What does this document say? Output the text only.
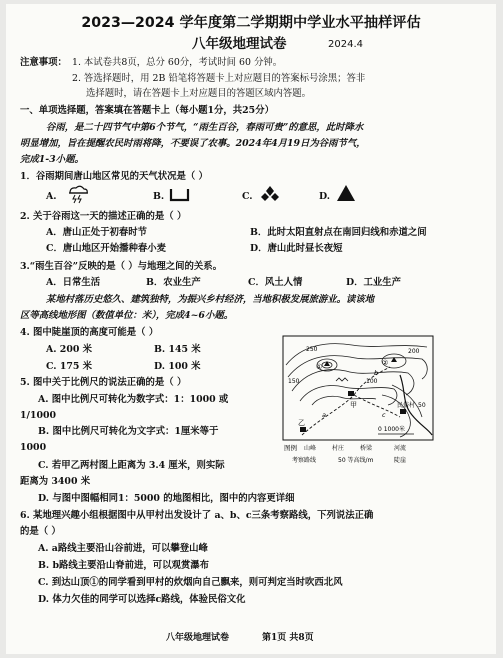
2023—2024 学年度第二学期期中学业水平抽样评估
八年级地理试卷	2024.4
注意事项： 1. 本试卷共8页，总分 60分，考试时间 60 分钟。
2. 答选择题时，用 2B 铅笔将答题卡上对应题目的答案标号涂黑；答非
选择题时，请在答题卡上对应题目的答题区域内答题。
一、单项选择题，答案填在答题卡上（每小题1分，共25分）
谷雨，是二十四节气中第6个节气，“雨生百谷，春雨可贵”的意思，此时降水
明显增加，旨在提醒农民时雨将降，不要误了农事。2024年4月19日为谷雨节气，
完成1-3小题。
1．谷雨期间唐山地区常见的天气状况是（ ）
A.	B.	C.	D.
2. 关于谷雨这一天的描述正确的是（ ）
A．唐山正处于初春时节	B．此时太阳直射点在南回归线和赤道之间
C．唐山地区开始播种春小麦	D．唐山此时昼长夜短
3.“雨生百谷”反映的是（ ）与地理之间的关系。
A．日常生活	B．农业生产	C．风土人情	D．工业生产
某地村落历史悠久、建筑独特，为振兴乡村经济，当地积极发展旅游业。读该地
区等高线地形图（数值单位：米），完成4~6小题。
4. 图中陡崖顶的高度可能是（ ）
A. 200 米	B. 145 米
C. 175 米	D. 100 米
5. 图中关于比例尺的说法正确的是（ ）
A. 图中比例尺可转化为数字式：1：1000 或
1/1000
B. 图中比例尺可转化为文字式：1厘米等于
1000
C. 若甲乙两村图上距离为 3.4 厘米，则实际
距离为 3400 米
D. 与图中图幅相同1：5000 的地图相比，图中的内容更详细
6. 某地理兴趣小组根据图中从甲村出发设计了 a、b、c三条考察路线，下列说法正确
的是（ ）
A. a路线主要沿山谷前进，可以攀登山峰
B. b路线主要沿山脊前进，可以观赏瀑布
C. 到达山顶①的同学看到甲村的炊烟向自己飘来，则可判定当时吹西北风
D. 体力欠佳的同学可以选择c路线，体验民俗文化
①	②
250	200
150	100
50
甲
乙
民俗村
a
b
c
0 1000米
图例 山峰	村庄	桥梁	河流
考察路线	50 等高线/m	陡崖
八年级地理试卷	第1页 共8页
